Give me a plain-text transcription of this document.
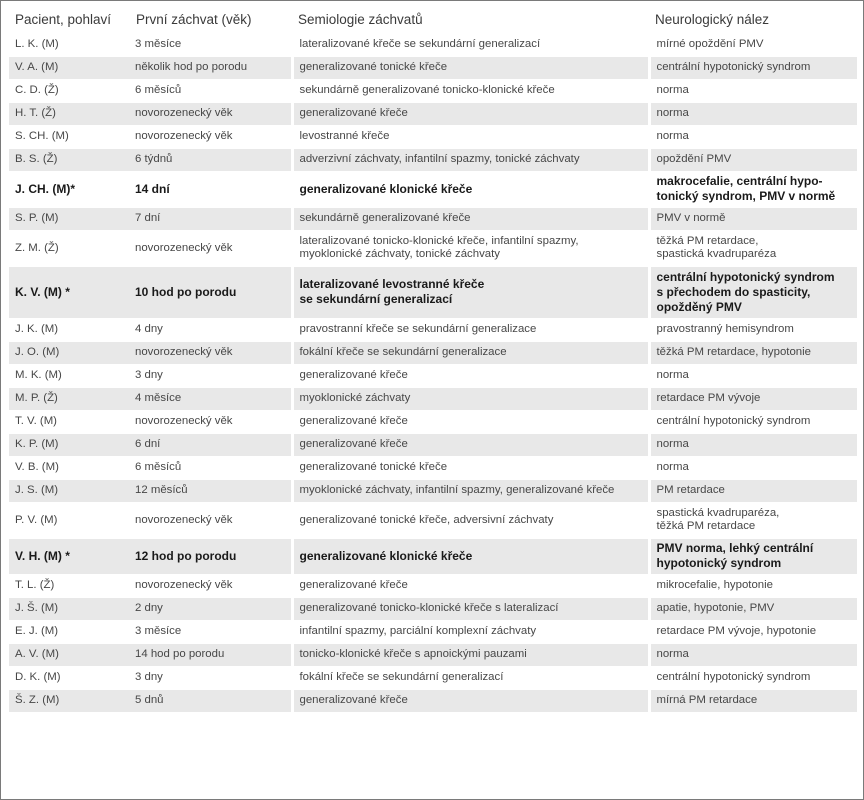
Pacient, pohlaví	První záchvat (věk)	Semiologie záchvatů	Neurologický nález
L. K. (M)	3 měsíce	lateralizované křeče se sekundární generalizací	mírné opoždění PMV
V. A. (M)	několik hod po porodu	generalizované tonické křeče	centrální hypotonický syndrom
C. D. (Ž)	6 měsíců	sekundárně generalizované tonicko-klonické křeče	norma
H. T. (Ž)	novorozenecký věk	generalizované křeče	norma
S. CH. (M)	novorozenecký věk	levostranné křeče	norma
B. S. (Ž)	6 týdnů	adverzivní záchvaty, infantilní spazmy, tonické záchvaty	opoždění PMV
J. CH. (M)*	14 dní	generalizované klonické křeče	makrocefalie, centrální hypo-
tonický syndrom, PMV v normě
S. P. (M)	7 dní	sekundárně generalizované křeče	PMV v normě
Z. M. (Ž)	novorozenecký věk	lateralizované tonicko-klonické křeče, infantilní spazmy,
myoklonické záchvaty, tonické záchvaty	těžká PM retardace,
spastická kvadruparéza
K. V. (M) *	10 hod po porodu	lateralizované levostranné křeče
se sekundární generalizací	centrální hypotonický syndrom
s přechodem do spasticity,
opožděný PMV
J. K. (M)	4 dny	pravostranní křeče se sekundární generalizace	pravostranný hemisyndrom
J. O. (M)	novorozenecký věk	fokální křeče se sekundární generalizace	těžká PM retardace, hypotonie
M. K. (M)	3 dny	generalizované křeče	norma
M. P. (Ž)	4 měsíce	myoklonické záchvaty	retardace PM vývoje
T. V. (M)	novorozenecký věk	generalizované křeče	centrální hypotonický syndrom
K. P. (M)	6 dní	generalizované křeče	norma
V. B. (M)	6 měsíců	generalizované tonické křeče	norma
J. S. (M)	12 měsíců	myoklonické záchvaty, infantilní spazmy, generalizované křeče	PM retardace
P. V. (M)	novorozenecký věk	generalizované tonické křeče, adversivní záchvaty	spastická kvadruparéza,
těžká PM retardace
V. H. (M) *	12 hod po porodu	generalizované klonické křeče	PMV norma, lehký centrální
hypotonický syndrom
T. L. (Ž)	novorozenecký věk	generalizované křeče	mikrocefalie, hypotonie
J. Š. (M)	2 dny	generalizované tonicko-klonické křeče s lateralizací	apatie, hypotonie, PMV
E. J. (M)	3 měsíce	infantilní spazmy, parciální komplexní záchvaty	retardace PM vývoje, hypotonie
A. V. (M)	14 hod po porodu	tonicko-klonické křeče s apnoickými pauzami	norma
D. K. (M)	3 dny	fokální křeče se sekundární generalizací	centrální hypotonický syndrom
Š. Z. (M)	5 dnů	generalizované křeče	mírná PM retardace
